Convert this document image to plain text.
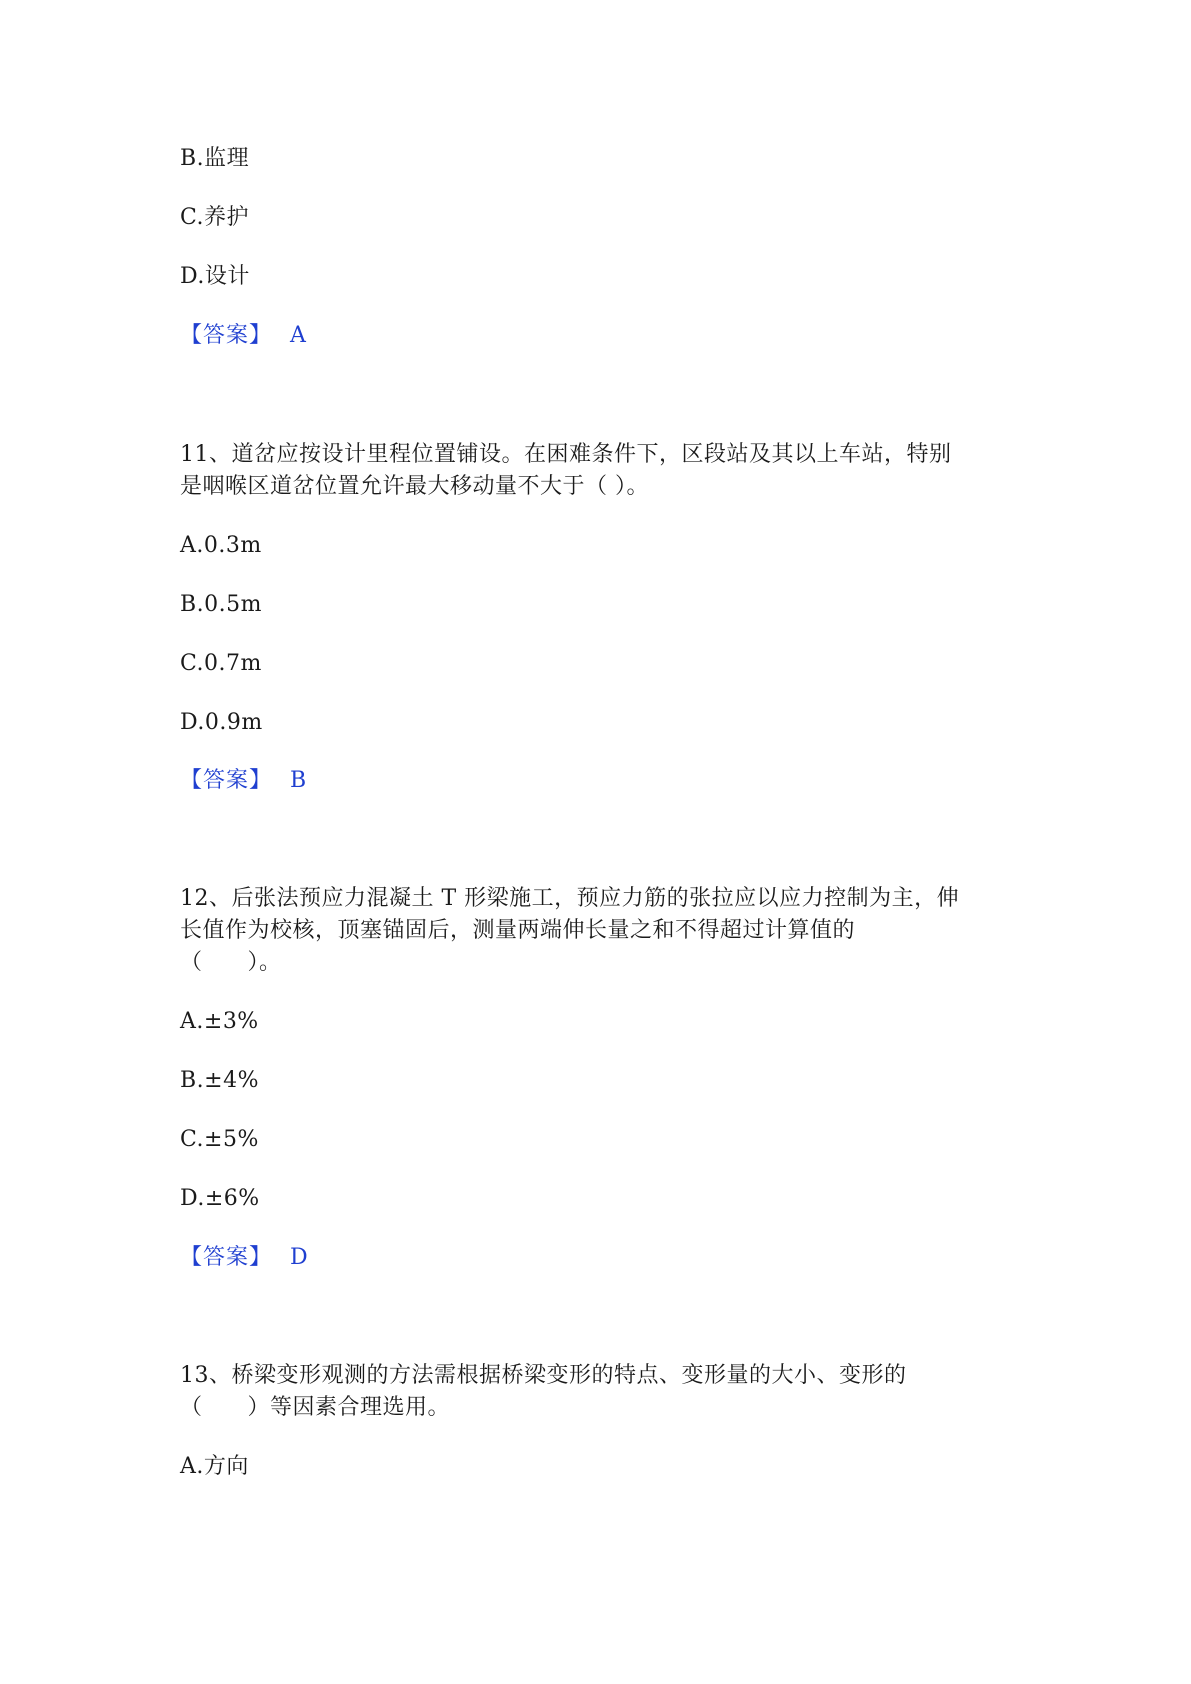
B.监理
C.养护
D.设计
【答案】 A
11、道岔应按设计里程位置铺设。在困难条件下，区段站及其以上车站，特别
是咽喉区道岔位置允许最大移动量不大于（ ）。
A.0.3m
B.0.5m
C.0.7m
D.0.9m
【答案】 B
12、后张法预应力混凝土 T 形梁施工，预应力筋的张拉应以应力控制为主，伸
长值作为校核，顶塞锚固后，测量两端伸长量之和不得超过计算值的
（　　）。
A.±3%
B.±4%
C.±5%
D.±6%
【答案】 D
13、桥梁变形观测的方法需根据桥梁变形的特点、变形量的大小、变形的
（　　）等因素合理选用。
A.方向
